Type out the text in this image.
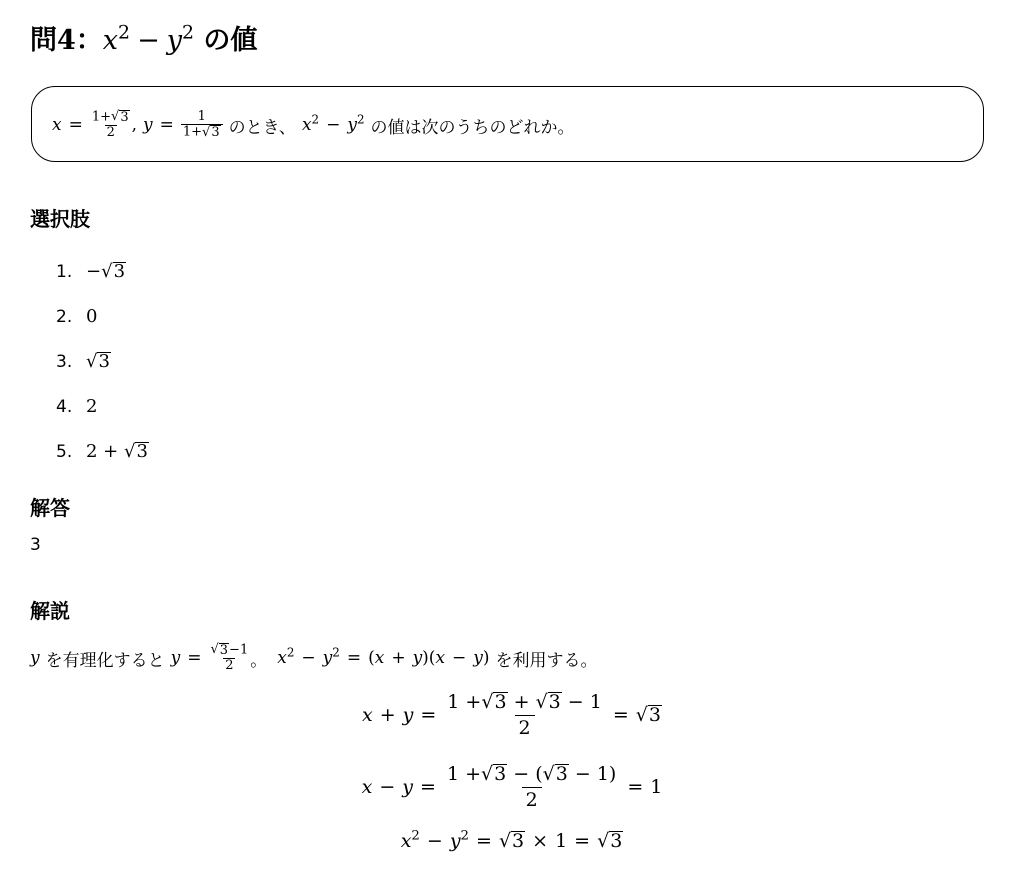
問4：$x^2 - y^2$ の値
$x = \frac{1+ √ 3}{2}$ , $y = \frac{1}{1+ √ 3}$ のとき、 $x^2 - y^2$ の値は次のうちのどれか。
選択肢
1. − √ 3
2. 0
3. √ 3
4. 2
5. 2 + √ 3
解答
3
解説
y を有理化すると $y = \frac{√ 3 -1}{2}$ 。 $x^2 - y^2$ = ( x + y )( x − y ) を利用する。
$x + y = \frac{1 + √ 3 + √ 3 - 1}{2}$ = √ 3
$x - y = \frac{1 + √ 3 - ( √ 3 - 1)}{2} = 1$
$x^2 - y^2$ = √ 3 × 1 = √ 3
